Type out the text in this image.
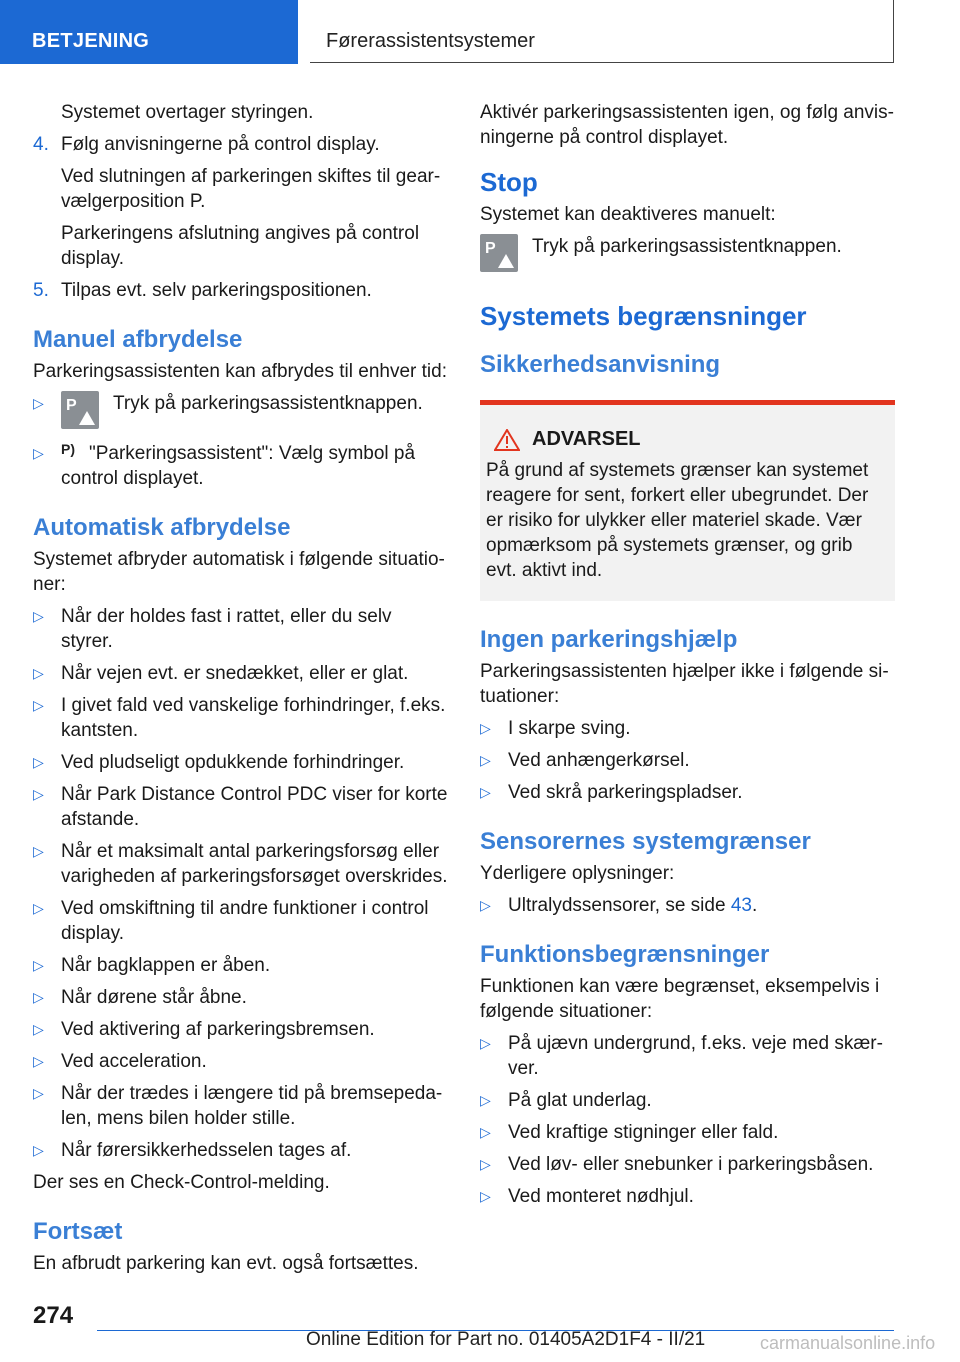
BETJENING	Førerassistentsystemer

Systemet overtager styringen.

4. Følg anvisningerne på control display.

Ved slutningen af parkeringen skiftes til gearvælgerposition P.

Parkeringens afslutning angives på control display.

5. Tilpas evt. selv parkeringspositionen.
Manuel afbrydelse

Parkeringsassistenten kan afbrydes til enhver tid:

▷ P Tryk på parkeringsassistentknappen.
▷ P) "Parkeringsassistent": Vælg symbol på control displayet.
Automatisk afbrydelse

Systemet afbryder automatisk i følgende situationer:

▷ Når der holdes fast i rattet, eller du selv styrer.
▷ Når vejen evt. er snedækket, eller er glat.
▷ I givet fald ved vanskelige forhindringer, f.eks. kantsten.
▷ Ved pludseligt opdukkende forhindringer.
▷ Når Park Distance Control PDC viser for korte afstande.
▷ Når et maksimalt antal parkeringsforsøg eller varigheden af parkeringsforsøget overskrides.
▷ Ved omskiftning til andre funktioner i control display.
▷ Når bagklappen er åben.
▷ Når dørene står åbne.
▷ Ved aktivering af parkeringsbremsen.
▷ Ved acceleration.
▷ Når der trædes i længere tid på bremsepedalen, mens bilen holder stille.
▷ Når førersikkerhedsselen tages af.

Der ses en Check-Control-melding.

Fortsæt

En afbrudt parkering kan evt. også fortsættes.

Aktivér parkeringsassistenten igen, og følg anvisningerne på control displayet.

Stop

Systemet kan deaktiveres manuelt:

P Tryk på parkeringsassistentknappen.
Systemets begrænsninger
Sikkerhedsanvisning
ADVARSEL

På grund af systemets grænser kan systemet reagere for sent, forkert eller ubegrundet. Der er risiko for ulykker eller materiel skade. Vær opmærksom på systemets grænser, og grib evt. aktivt ind.

Ingen parkeringshjælp

Parkeringsassistenten hjælper ikke i følgende situationer:

▷ I skarpe sving.
▷ Ved anhængerkørsel.
▷ Ved skrå parkeringspladser.
Sensorernes systemgrænser

Yderligere oplysninger:

▷ Ultralydssensorer, se side 43.
Funktionsbegrænsninger

Funktionen kan være begrænset, eksempelvis i følgende situationer:

▷ På ujævn undergrund, f.eks. veje med skærver.
▷ På glat underlag.
▷ Ved kraftige stigninger eller fald.
▷ Ved løv- eller snebunker i parkeringsbåsen.
▷ Ved monteret nødhjul.
274
Online Edition for Part no. 01405A2D1F4 - II/21	carmanualsonline.info
